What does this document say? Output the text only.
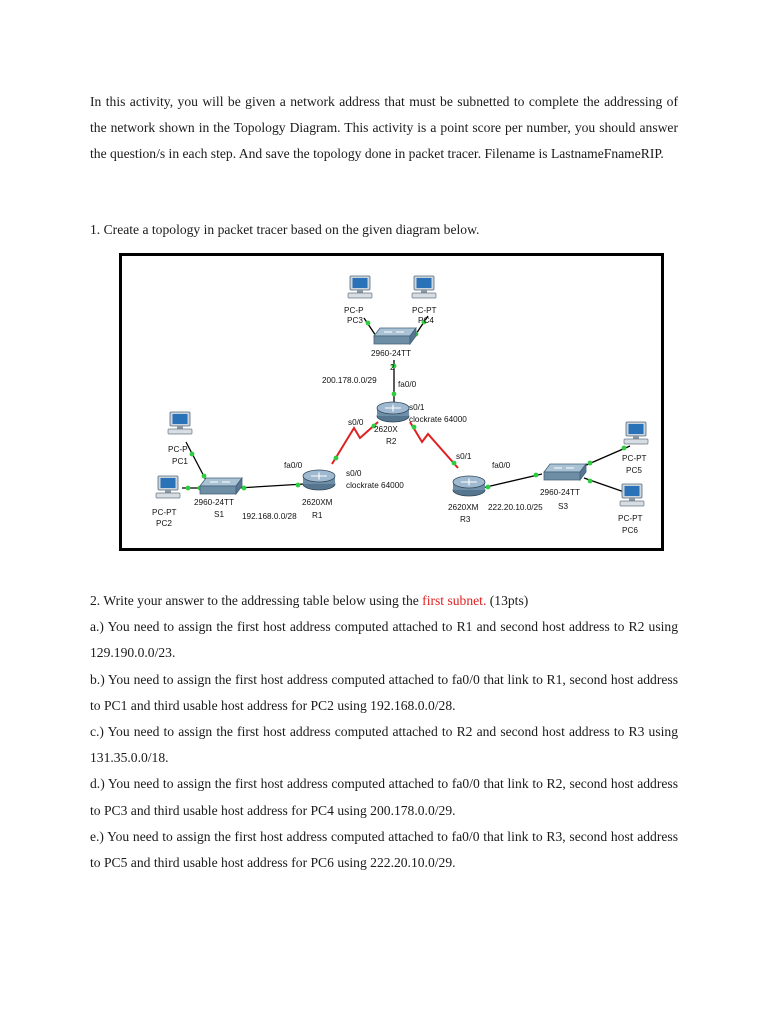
In this activity, you will be given a network address that must be subnetted to complete the addressing of the network shown in the Topology Diagram. This activity is a point score per number, you should answer the question/s in each step. And save the topology done in packet tracer. Filename is LastnameFnameRIP.
1. Create a topology in packet tracer based on the given diagram below.
PC-P
PC3
PC-PT
PC4
2960-24TT
2
200.178.0.0/29	fa0/0
s0/1
clockrate 64000
s0/0
2620X
R2
PC-P
PC1	fa0/0
s0/0
clockrate 64000
s0/1
fa0/0
PC-PT
PC2
2960-24TT
S1 192.168.0.0/28
2620XM
R1
2620XM 222.20.10.0/25
R3
2960-24TT
S3
PC-PT
PC5
PC-PT
PC6

2. Write your answer to the addressing table below using the first subnet. (13pts)

a.) You need to assign the first host address computed attached to R1 and second host address to R2 using 129.190.0.0/23.

b.) You need to assign the first host address computed attached to fa0/0 that link to R1, second host address to PC1 and third usable host address for PC2 using 192.168.0.0/28.

c.) You need to assign the first host address computed attached to R2 and second host address to R3 using 131.35.0.0/18.

d.) You need to assign the first host address computed attached to fa0/0 that link to R2, second host address to PC3 and third usable host address for PC4 using 200.178.0.0/29.

e.) You need to assign the first host address computed attached to fa0/0 that link to R3, second host address to PC5 and third usable host address for PC6 using 222.20.10.0/29.
